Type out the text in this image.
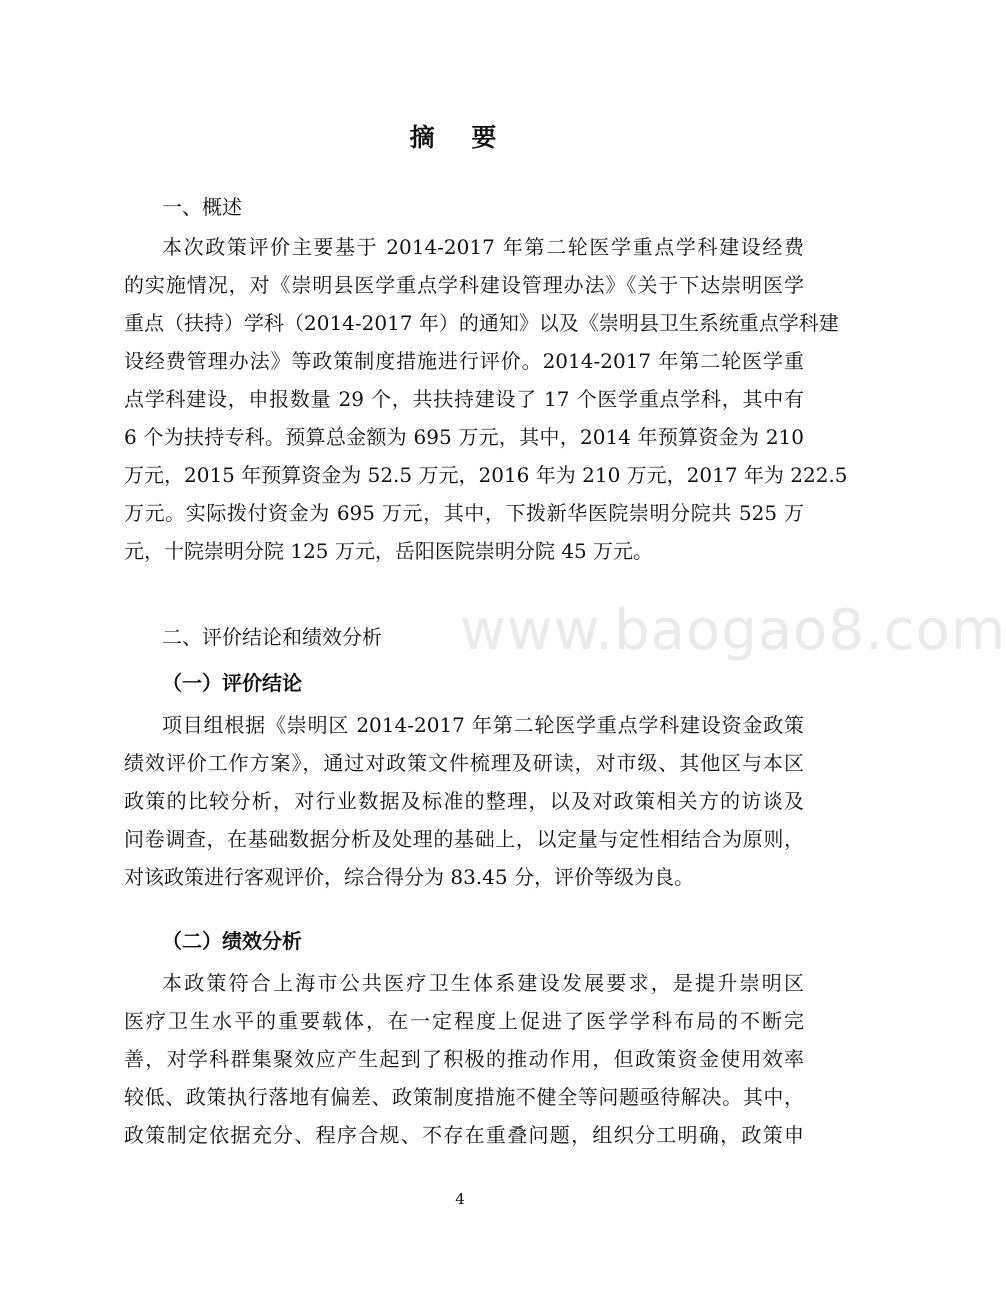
摘 要
一、概述
本次政策评价主要基于 2014-2017 年第二轮医学重点学科建设经费
的实施情况，对《崇明县医学重点学科建设管理办法》《关于下达崇明医学
重点（扶持）学科（2014-2017 年）的通知》以及《崇明县卫生系统重点学科建
设经费管理办法》等政策制度措施进行评价。2014-2017 年第二轮医学重
点学科建设，申报数量 29 个，共扶持建设了 17 个医学重点学科，其中有
6 个为扶持专科。预算总金额为 695 万元，其中，2014 年预算资金为 210
万元，2015 年预算资金为 52.5 万元，2016 年为 210 万元，2017 年为 222.5
万元。实际拨付资金为 695 万元，其中，下拨新华医院崇明分院共 525 万
元，十院崇明分院 125 万元，岳阳医院崇明分院 45 万元。
www.baogao8.com
二、评价结论和绩效分析
（一）评价结论
项目组根据《崇明区 2014-2017 年第二轮医学重点学科建设资金政策
绩效评价工作方案》，通过对政策文件梳理及研读，对市级、其他区与本区
政策的比较分析，对行业数据及标准的整理，以及对政策相关方的访谈及
问卷调查，在基础数据分析及处理的基础上，以定量与定性相结合为原则，
对该政策进行客观评价，综合得分为 83.45 分，评价等级为良。
（二）绩效分析
本政策符合上海市公共医疗卫生体系建设发展要求，是提升崇明区
医疗卫生水平的重要载体，在一定程度上促进了医学学科布局的不断完
善，对学科群集聚效应产生起到了积极的推动作用，但政策资金使用效率
较低、政策执行落地有偏差、政策制度措施不健全等问题亟待解决。其中，
政策制定依据充分、程序合规、不存在重叠问题，组织分工明确，政策申
4
